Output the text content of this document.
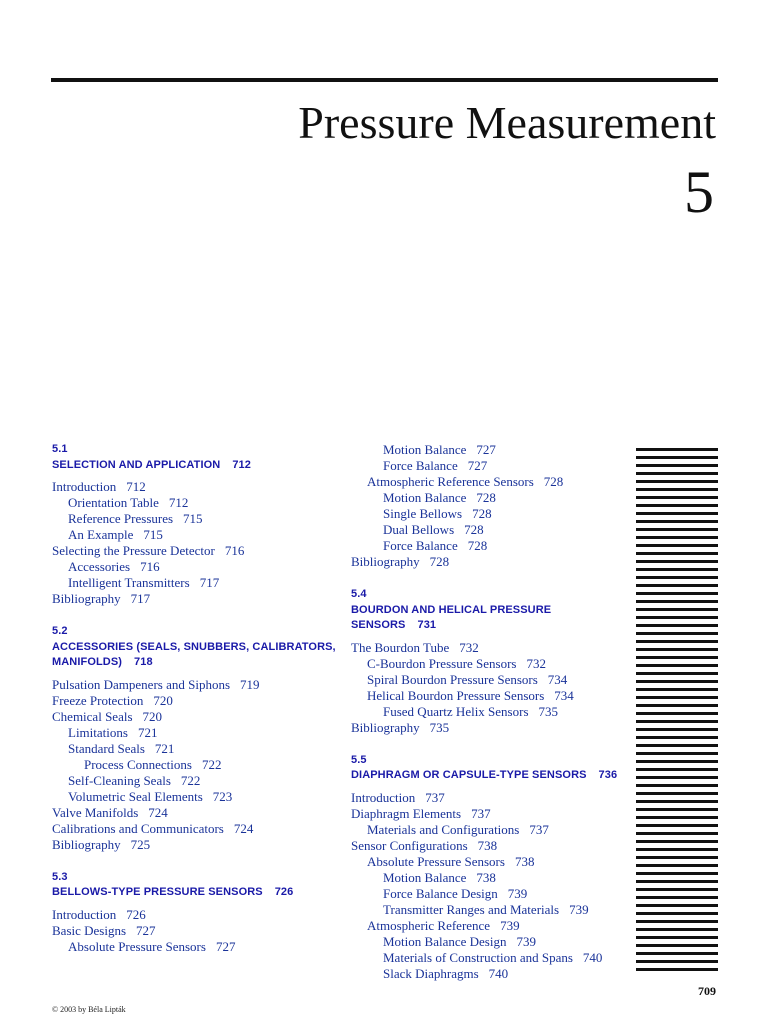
Pressure Measurement
5
5.1
SELECTION AND APPLICATION 712
Introduction 712
Orientation Table 712
Reference Pressures 715
An Example 715
Selecting the Pressure Detector 716
Accessories 716
Intelligent Transmitters 717
Bibliography 717
5.2
ACCESSORIES (SEALS, SNUBBERS, CALIBRATORS, MANIFOLDS) 718
Pulsation Dampeners and Siphons 719
Freeze Protection 720
Chemical Seals 720
Limitations 721
Standard Seals 721
Process Connections 722
Self-Cleaning Seals 722
Volumetric Seal Elements 723
Valve Manifolds 724
Calibrations and Communicators 724
Bibliography 725
5.3
BELLOWS-TYPE PRESSURE SENSORS 726
Introduction 726
Basic Designs 727
Absolute Pressure Sensors 727
Motion Balance 727
Force Balance 727
Atmospheric Reference Sensors 728
Motion Balance 728
Single Bellows 728
Dual Bellows 728
Force Balance 728
Bibliography 728
5.4
BOURDON AND HELICAL PRESSURE SENSORS 731
The Bourdon Tube 732
C-Bourdon Pressure Sensors 732
Spiral Bourdon Pressure Sensors 734
Helical Bourdon Pressure Sensors 734
Fused Quartz Helix Sensors 735
Bibliography 735
5.5
DIAPHRAGM OR CAPSULE-TYPE SENSORS 736
Introduction 737
Diaphragm Elements 737
Materials and Configurations 737
Sensor Configurations 738
Absolute Pressure Sensors 738
Motion Balance 738
Force Balance Design 739
Transmitter Ranges and Materials 739
Atmospheric Reference 739
Motion Balance Design 739
Materials of Construction and Spans 740
Slack Diaphragms 740
709
© 2003 by Béla Lipták
